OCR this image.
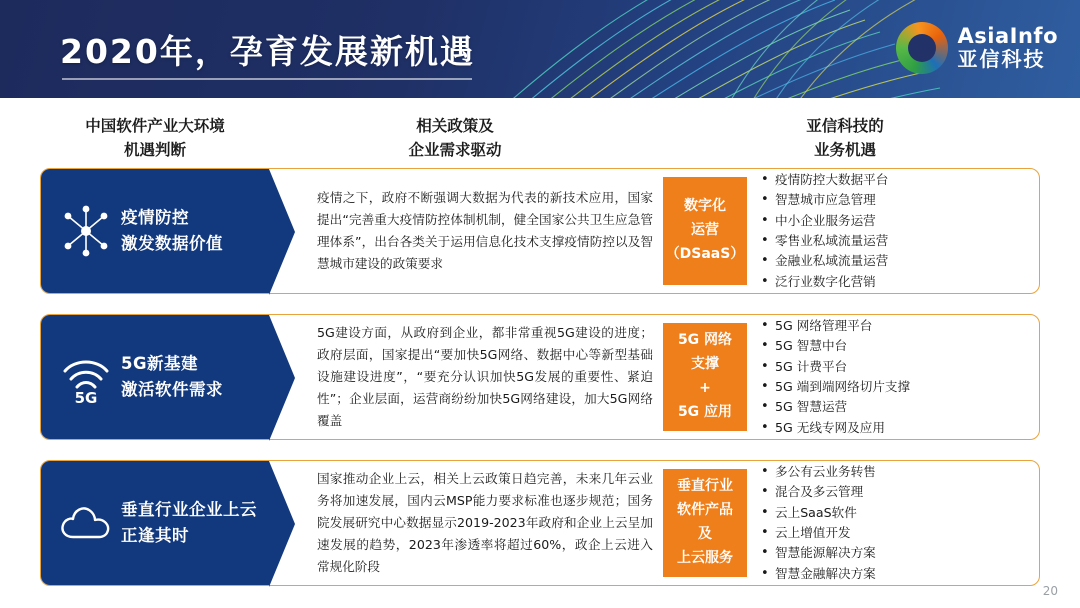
2020年，孕育发展新机遇	AsiaInfo
亚信科技
中国软件产业大环境
机遇判断
相关政策及
企业需求驱动
亚信科技的
业务机遇
疫情防控
激发数据价值
疫情之下，政府不断强调大数据为代表的新技术应用，国家提出“完善重大疫情防控体制机制，健全国家公共卫生应急管理体系”，出台各类关于运用信息化技术支撑疫情防控以及智慧城市建设的政策要求
数字化
运营
（DSaaS）
• 疫情防控大数据平台
• 智慧城市应急管理
• 中小企业服务运营
• 零售业私域流量运营
• 金融业私域流量运营
• 泛行业数字化营销
5G
5G新基建
激活软件需求
5G建设方面，从政府到企业，都非常重视5G建设的进度；政府层面，国家提出“要加快5G网络、数据中心等新型基础设施建设进度”，“要充分认识加快5G发展的重要性、紧迫性”；企业层面，运营商纷纷加快5G网络建设，加大5G网络覆盖
5G 网络
支撑
+
5G 应用
• 5G 网络管理平台
• 5G 智慧中台
• 5G 计费平台
• 5G 端到端网络切片支撑
• 5G 智慧运营
• 5G 无线专网及应用
垂直行业企业上云
正逢其时
国家推动企业上云，相关上云政策日趋完善，未来几年云业务将加速发展，国内云MSP能力要求标准也逐步规范；国务院发展研究中心数据显示2019-2023年政府和企业上云呈加速发展的趋势，2023年渗透率将超过60%，政企上云进入常规化阶段
垂直行业
软件产品
及
上云服务
• 多公有云业务转售
• 混合及多云管理
• 云上SaaS软件
• 云上增值开发
• 智慧能源解决方案
• 智慧金融解决方案
20
